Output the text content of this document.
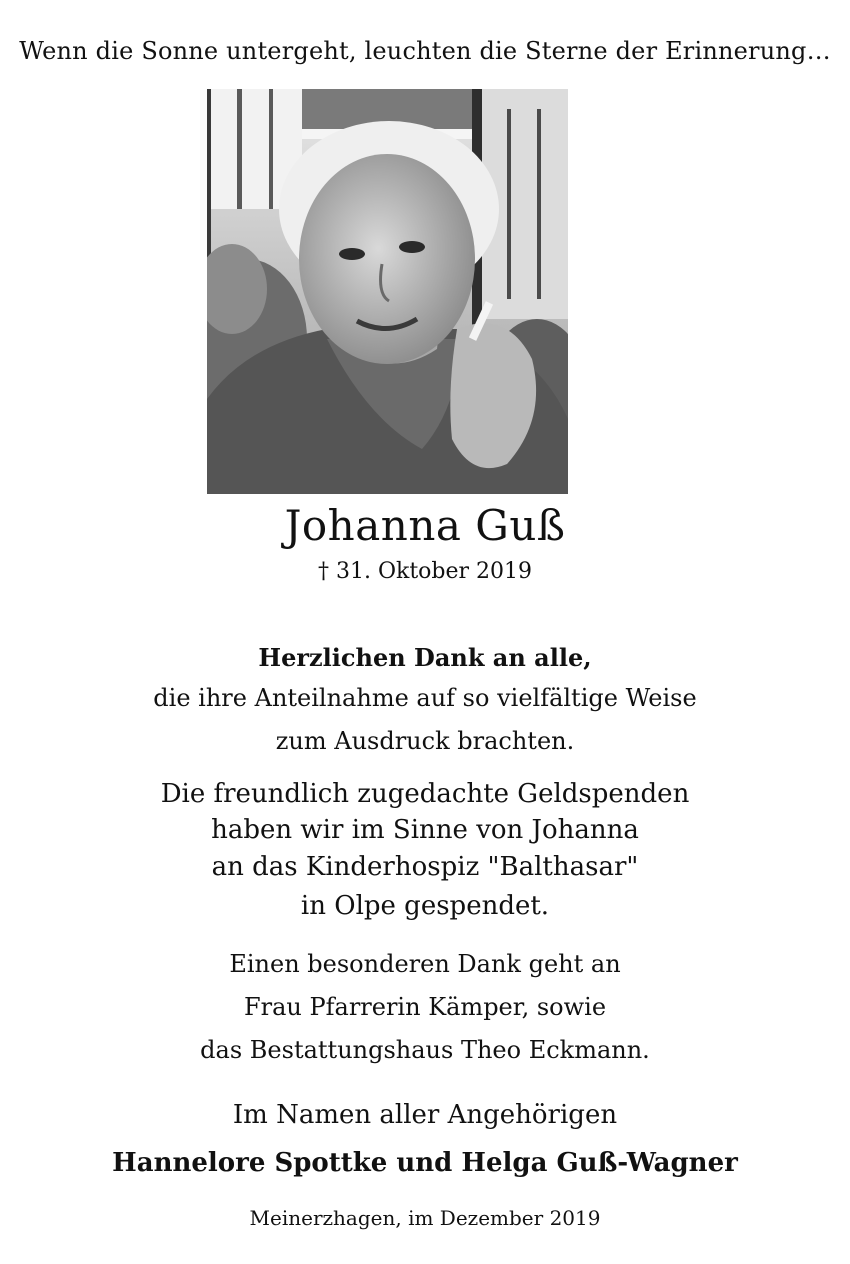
Wenn die Sonne untergeht, leuchten die Sterne der Erinnerung…
Johanna Guß
† 31. Oktober 2019
Herzlichen Dank an alle,
die ihre Anteilnahme auf so vielfältige Weise
zum Ausdruck brachten.
Die freundlich zugedachte Geldspenden
haben wir im Sinne von Johanna
an das Kinderhospiz "Balthasar"
in Olpe gespendet.
Einen besonderen Dank geht an
Frau Pfarrerin Kämper, sowie
das Bestattungshaus Theo Eckmann.
Im Namen aller Angehörigen
Hannelore Spottke und Helga Guß-Wagner
Meinerzhagen, im Dezember 2019
